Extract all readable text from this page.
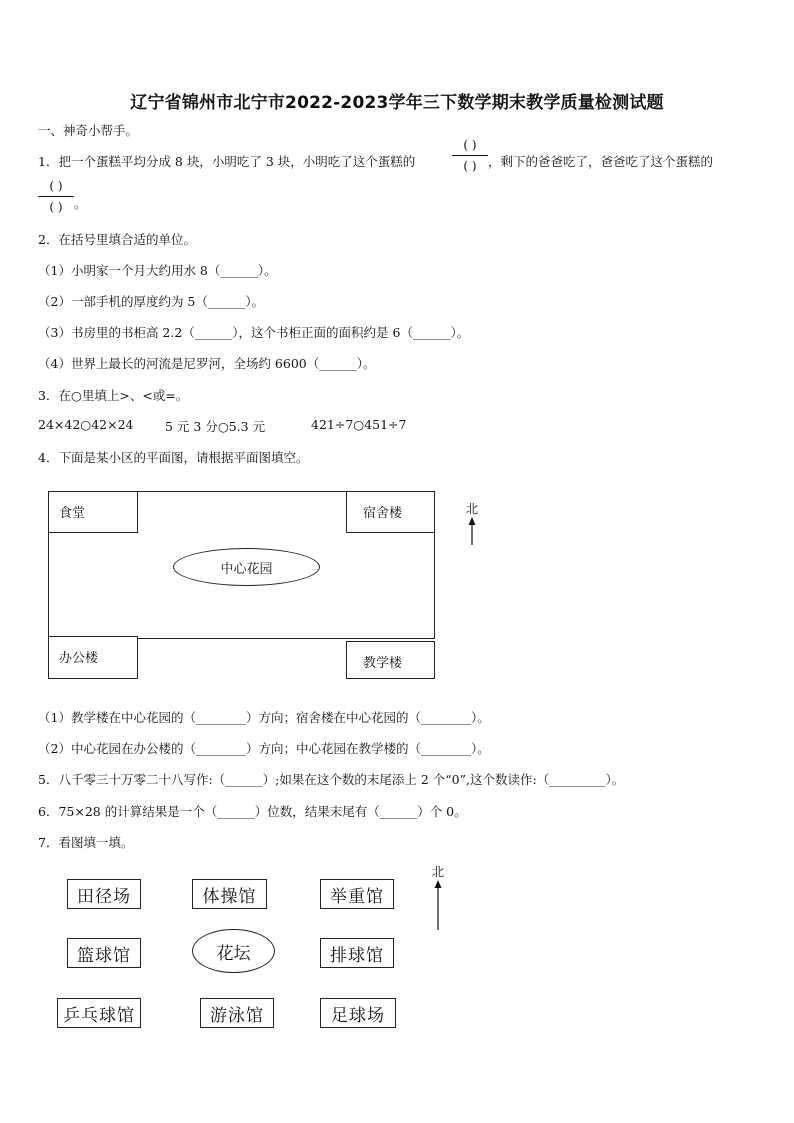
辽宁省锦州市北宁市2022-2023学年三下数学期末教学质量检测试题
一、神奇小帮手。
1．把一个蛋糕平均分成 8 块，小明吃了 3 块，小明吃了这个蛋糕的
( )
( ) ，剩下的爸爸吃了，爸爸吃了这个蛋糕的
( )
( ) 。
2．在括号里填合适的单位。
（1）小明家一个月大约用水 8（______）。
（2）一部手机的厚度约为 5（______）。
（3）书房里的书柜高 2.2（______），这个书柜正面的面积约是 6（______）。
（4）世界上最长的河流是尼罗河，全场约 6600（______）。
3．在○里填上>、<或=。
24×42○42×24	5 元 3 分○5.3 元	421÷7○451÷7
4．下面是某小区的平面图，请根据平面图填空。
食堂	宿舍楼
办公楼	教学楼
中心花园
北
（1）教学楼在中心花园的（________）方向；宿舍楼在中心花园的（________）。
（2）中心花园在办公楼的（________）方向；中心花园在教学楼的（________）。
5．八千零三十万零二十八写作:（______）;如果在这个数的末尾添上 2 个“0”,这个数读作:（_________）。
6．75×28 的计算结果是一个（______）位数，结果末尾有（______）个 0。
7．看图填一填。
田径场	体操馆	举重馆
篮球馆	花坛	排球馆
乒乓球馆	游泳馆	足球场
北
